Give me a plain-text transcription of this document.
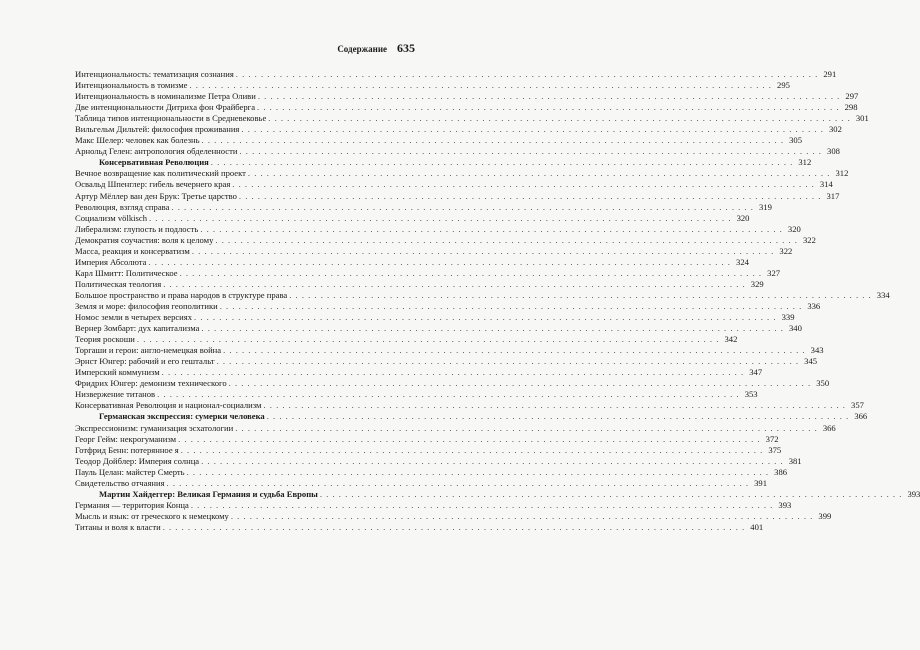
Содержание 635
Интенциональность: тематизация сознания . . .	291
Интенциональность в томизме . . .	295
Интенциональность в номинализме Петра Оливи . . .	297
Две интенциональности Дитриха фон Фрайберга . . .	298
Таблица типов интенциональности в Средневековье . . .	301
Вильгельм Дильтей: философия проживания . . .	302
Макс Шелер: человек как болезнь . . .	305
Арнольд Гелен: антропология обделенности . . .	308
Консервативная Революция . . .	312
Вечное возвращение как политический проект . . .	312
Освальд Шпенглер: гибель вечернего края . . .	314
Артур Мёллер ван ден Брук: Третье царство . . .	317
Революция, взгляд справа . . .	319
Социализм völkisch . . .	320
Либерализм: глупость и подлость . . .	320
Демократия соучастия: воля к целому . . .	322
Масса, реакция и консерватизм . . .	322
Империя Абсолюта . . .	324
Карл Шмитт: Политическое . . .	327
Политическая теология . . .	329
Большое пространство и права народов в структуре права . . .	334
Земля и море: философия геополитики . . .	336
Номос земли в четырех версиях . . .	339
Вернер Зомбарт: дух капитализма . . .	340
Теория роскоши . . .	342
Торгаши и герои: англо-немецкая война . . .	343
Эрнст Юнгер: рабочий и его гештальт . . .	345
Имперский коммунизм . . .	347
Фридрих Юнгер: демонизм технического . . .	350
Низвержение титанов . . .	353
Консервативная Революция и национал-социализм . . .	357
Германская экспрессия: сумерки человека . . .	366
Экспрессионизм: гуманизация эсхатологии . . .	366
Георг Гейм: некрогуманизм . . .	372
Готфрид Бенн: потерянное я . . .	375
Теодор Дойблер: Империя солнца . . .	381
Пауль Целан: майстер Смерть . . .	386
Свидетельство отчаяния . . .	391
Мартин Хайдеггер: Великая Германия и судьба Европы . . .	393
Германия — территория Конца . . .	393
Мысль и язык: от греческого к немецкому . . .	399
Титаны и воля к власти . . .	401
